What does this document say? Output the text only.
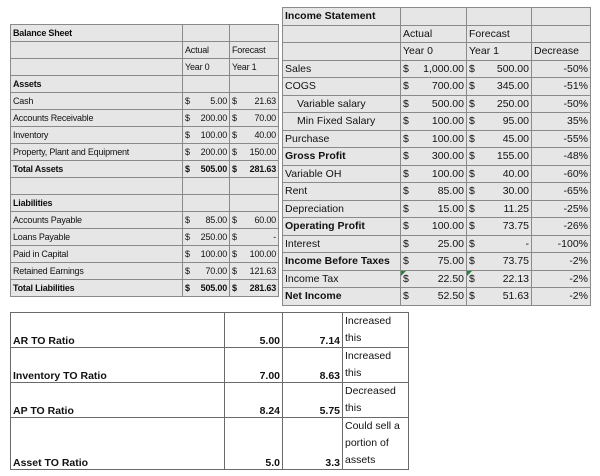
Balance Sheet		
	Actual	Forecast
	Year 0	Year 1
Assets		
Cash	$ 5.00	$ 21.63

Accounts Receivable	$ 200.00	$ 70.00

Inventory	$ 100.00	$ 40.00

Property, Plant and Equipment	$ 200.00	$ 150.00

Total Assets	$ 505.00	$ 281.63

Liabilities		
Accounts Payable	$ 85.00	$ 60.00

Loans Payable	$ 250.00	$ -

Paid in Capital	$ 100.00	$ 100.00

Retained Earnings	$ 70.00	$ 121.63

Total Liabilities	$ 505.00	$ 281.63
Income Statement			
	Actual	Forecast	
	Year 0	Year 1	Decrease
Sales	$ 1,000.00	$ 500.00	-50%
COGS	$ 700.00	$ 345.00	-51%
Variable salary	$ 500.00	$ 250.00	-50%
Min Fixed Salary	$ 100.00	$ 95.00	35%
Purchase	$ 100.00	$ 45.00	-55%
Gross Profit	$ 300.00	$ 155.00	-48%
Variable OH	$ 100.00	$ 40.00	-60%
Rent	$ 85.00	$ 30.00	-65%
Depreciation	$ 15.00	$ 11.25	-25%
Operating Profit	$ 100.00	$ 73.75	-26%
Interest	$ 25.00	$ -	-100%
Income Before Taxes	$ 75.00	$ 73.75	-2%
Income Tax	$ 22.50	$ 22.13	-2%
Net Income	$ 52.50	$ 51.63	-2%
AR TO Ratio	5.00	7.14	Increased this
Inventory TO Ratio	7.00	8.63	Increased this
AP TO Ratio	8.24	5.75	Decreased this
Asset TO Ratio	5.0	3.3	Could sell a portion of assets
